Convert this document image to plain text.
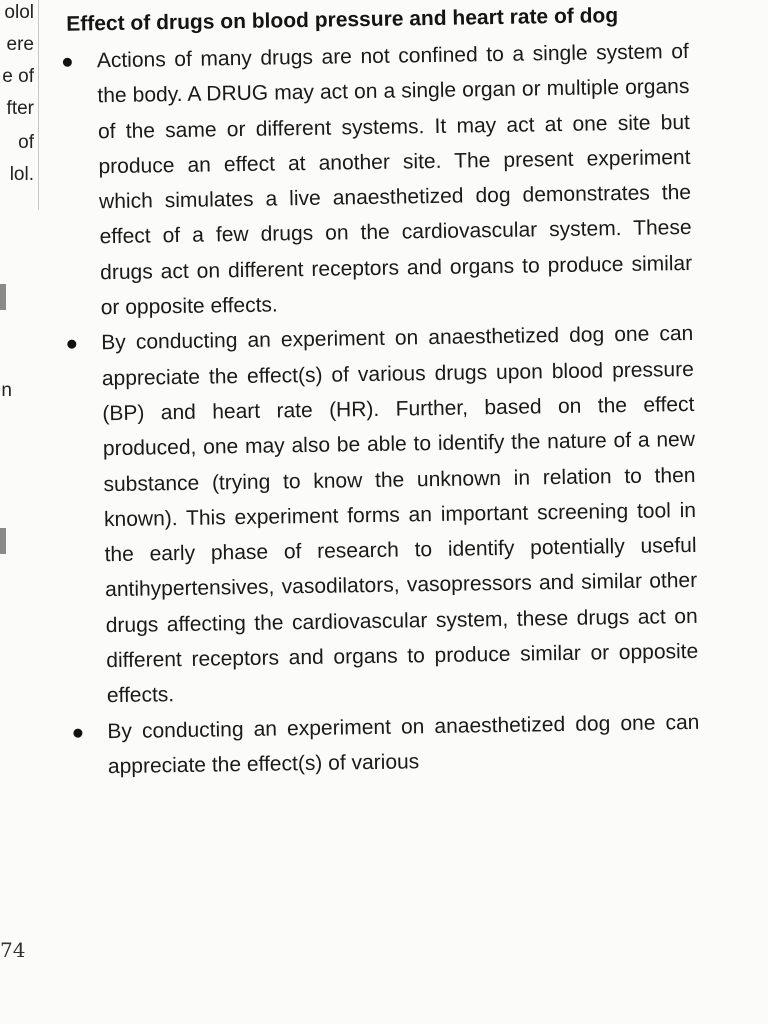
olol
ere
e of
fter
of
lol.
n
74
Effect of drugs on blood pressure and heart rate of dog

Actions of many drugs are not confined to a single system of the body. A DRUG may act on a single organ or multiple organs of the same or different systems. It may act at one site but produce an effect at another site. The present experiment which simulates a live anaesthetized dog demonstrates the effect of a few drugs on the cardiovascular system. These drugs act on different receptors and organs to produce similar or opposite effects.

By conducting an experiment on anaesthetized dog one can appreciate the effect(s) of various drugs upon blood pressure (BP) and heart rate (HR). Further, based on the effect produced, one may also be able to identify the nature of a new substance (trying to know the unknown in relation to then known). This experiment forms an important screening tool in the early phase of research to identify potentially useful antihypertensives, vasodilators, vasopressors and similar other drugs affecting the cardiovascular system, these drugs act on different receptors and organs to produce similar or opposite effects.

By conducting an experiment on anaesthetized dog one can appreciate the effect(s) of various
